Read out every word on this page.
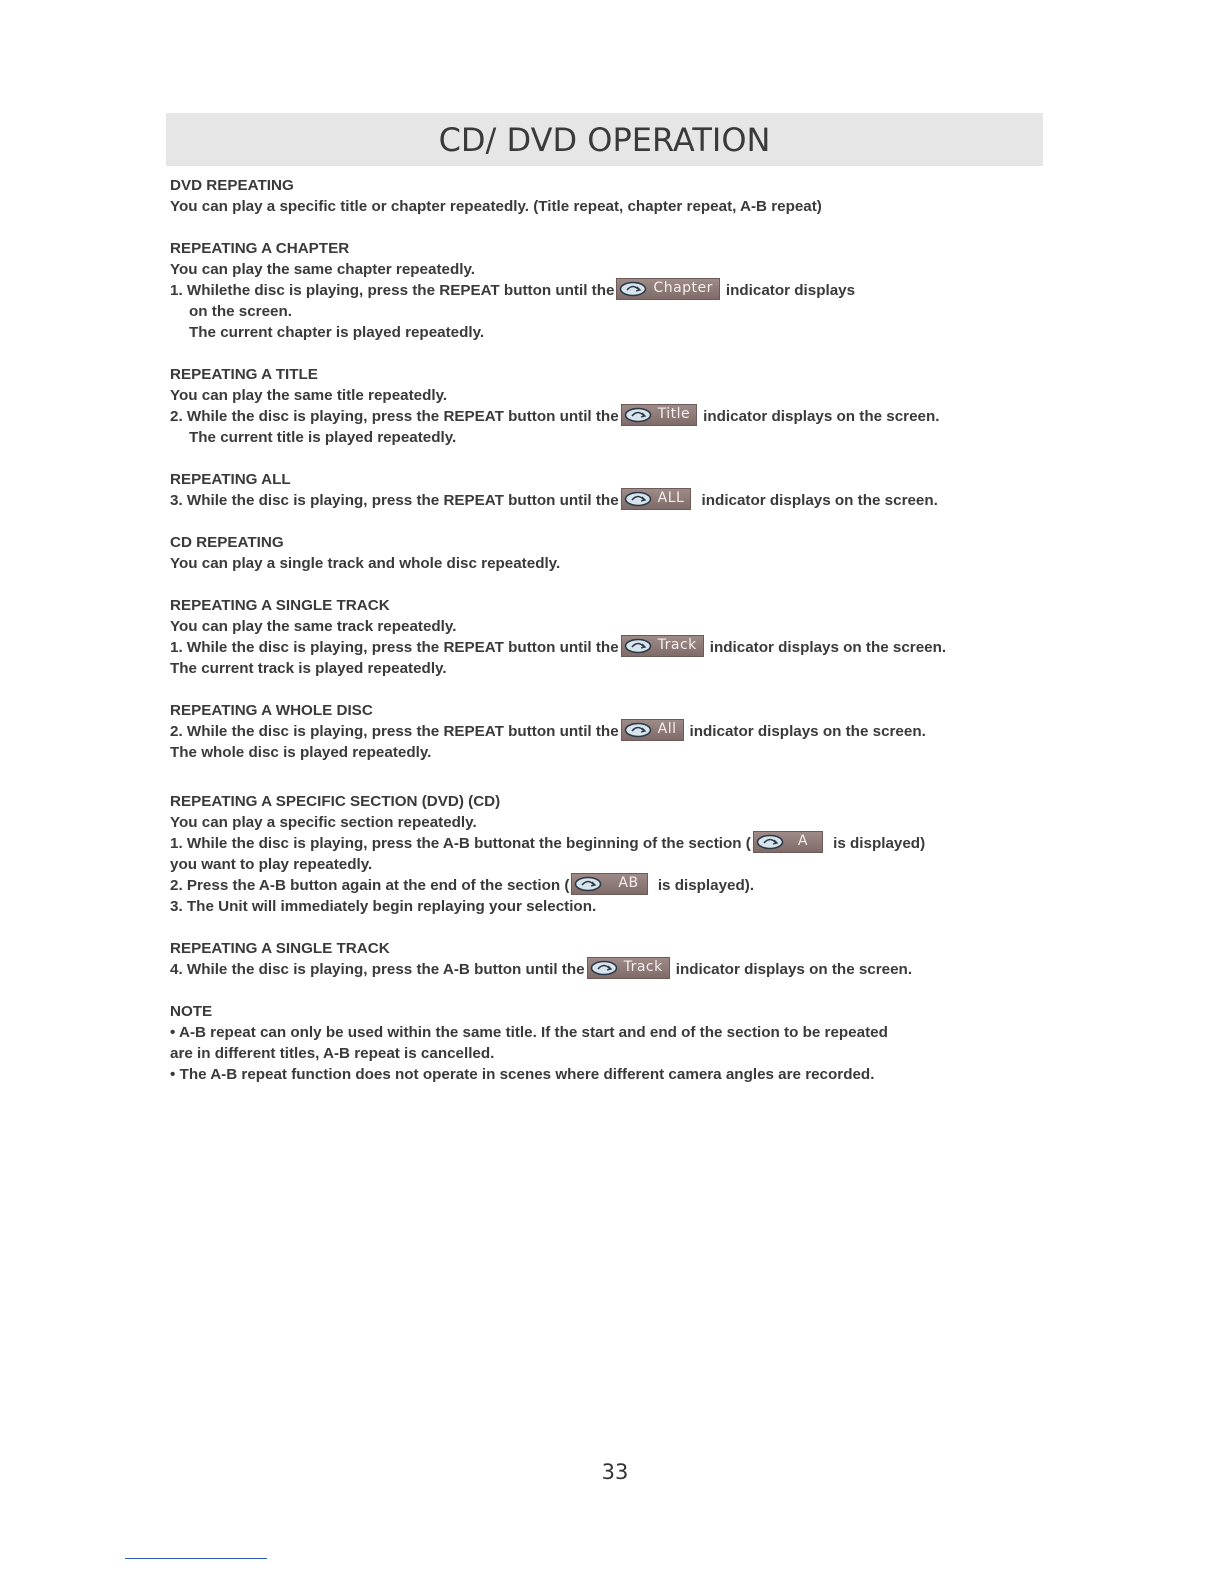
CD/ DVD OPERATION
DVD REPEATING
You can play a specific title or chapter repeatedly. (Title repeat, chapter repeat, A-B repeat)
REPEATING A CHAPTER
You can play the same chapter repeatedly.
1. Whilethe disc is playing, press the REPEAT button until the	Chapter indicator displays
on the screen.
The current chapter is played repeatedly.
REPEATING A TITLE
You can play the same title repeatedly.
2. While the disc is playing, press the REPEAT button until the	Title indicator displays on the screen.
The current title is played repeatedly.
REPEATING ALL
3. While the disc is playing, press the REPEAT button until the	ALL indicator displays on the screen.
CD REPEATING
You can play a single track and whole disc repeatedly.
REPEATING A SINGLE TRACK
You can play the same track repeatedly.
1. While the disc is playing, press the REPEAT button until the	Track indicator displays on the screen.
The current track is played repeatedly.
REPEATING A WHOLE DISC
2. While the disc is playing, press the REPEAT button until the	All indicator displays on the screen.
The whole disc is played repeatedly.
REPEATING A SPECIFIC SECTION (DVD) (CD)
You can play a specific section repeatedly.
1. While the disc is playing, press the A-B buttonat the beginning of the section (	A	is displayed)
you want to play repeatedly.
2. Press the A-B button again at the end of the section (	AB is displayed).
3. The Unit will immediately begin replaying your selection.
REPEATING A SINGLE TRACK
4. While the disc is playing, press the A-B button until the	Track indicator displays on the screen.
NOTE
• A-B repeat can only be used within the same title. If the start and end of the section to be repeated
are in different titles, A-B repeat is cancelled.
• The A-B repeat function does not operate in scenes where different camera angles are recorded.
33
